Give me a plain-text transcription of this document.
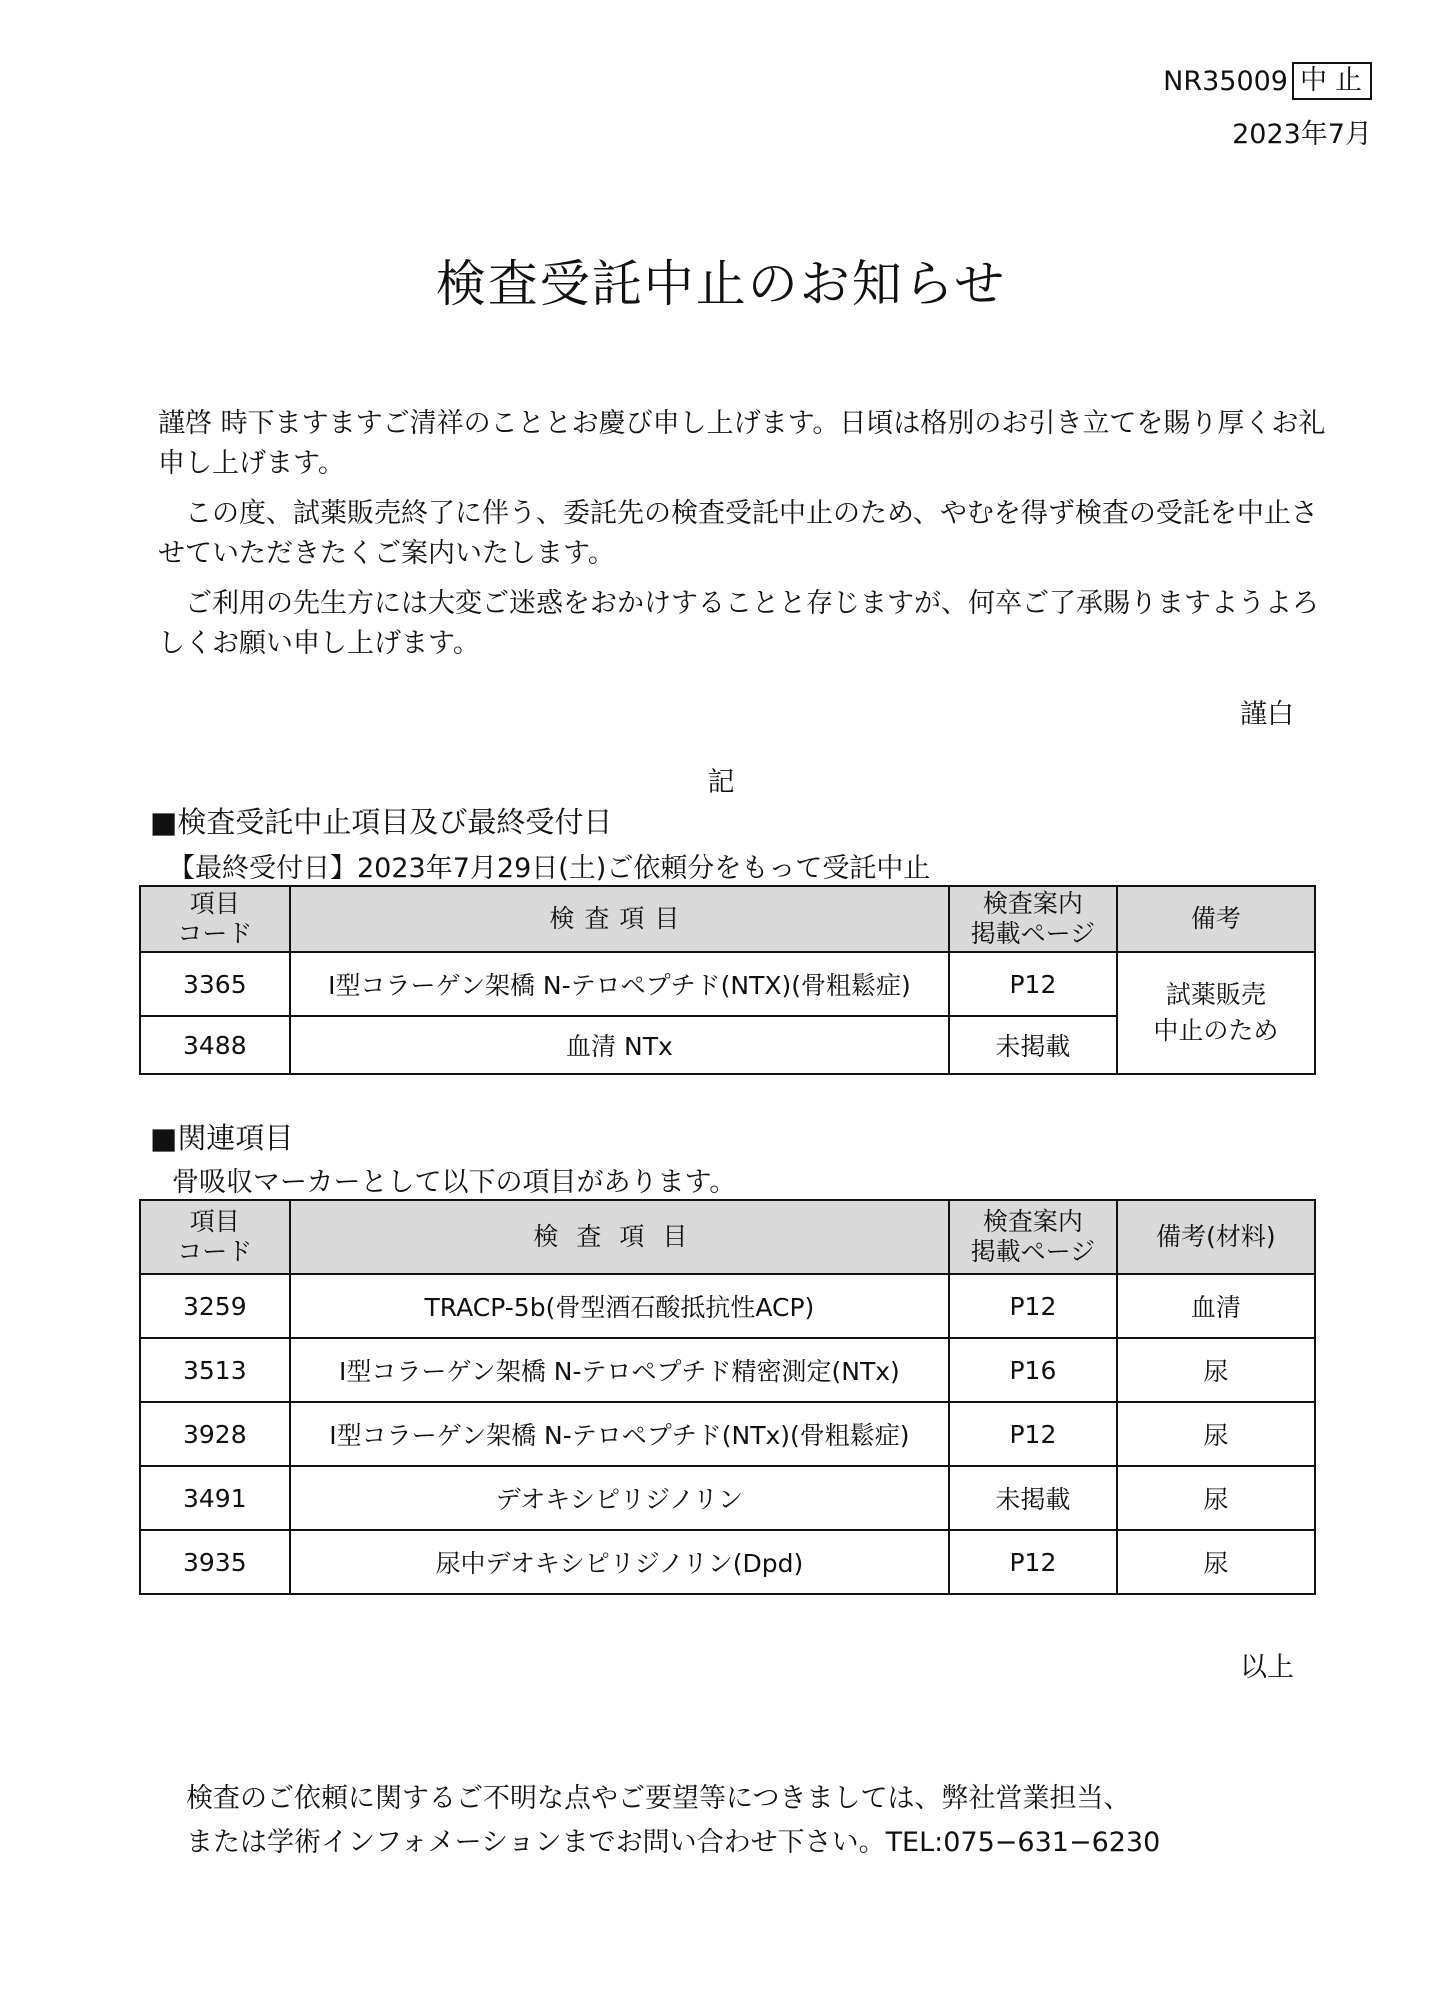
NR35009 中止
2023年7月
検査受託中止のお知らせ
謹啓 時下ますますご清祥のこととお慶び申し上げます。日頃は格別のお引き立てを賜り厚くお礼申し上げます。
この度、試薬販売終了に伴う、委託先の検査受託中止のため、やむを得ず検査の受託を中止させていただきたくご案内いたします。
ご利用の先生方には大変ご迷惑をおかけすることと存じますが、何卒ご了承賜りますようよろしくお願い申し上げます。
謹白
記
■検査受託中止項目及び最終受付日
【最終受付日】2023年7月29日(土)ご依頼分をもって受託中止
項目
コード	検査項目	検査案内
掲載ページ	備考
3365	Ⅰ型コラーゲン架橋 N-テロペプチド(NTX)(骨粗鬆症)	P12	試薬販売
中止のため
3488	血清 NTx	未掲載	
■関連項目
骨吸収マーカーとして以下の項目があります。
項目
コード	検査項目	検査案内
掲載ページ	備考(材料)
3259	TRACP-5b(骨型酒石酸抵抗性ACP)	P12	血清
3513	Ⅰ型コラーゲン架橋 N-テロペプチド精密測定(NTx)	P16	尿
3928	Ⅰ型コラーゲン架橋 N-テロペプチド(NTx)(骨粗鬆症)	P12	尿
3491	デオキシピリジノリン	未掲載	尿
3935	尿中デオキシピリジノリン(Dpd)	P12	尿
以上
検査のご依頼に関するご不明な点やご要望等につきましては、弊社営業担当、
または学術インフォメーションまでお問い合わせ下さい。TEL:075−631−6230
